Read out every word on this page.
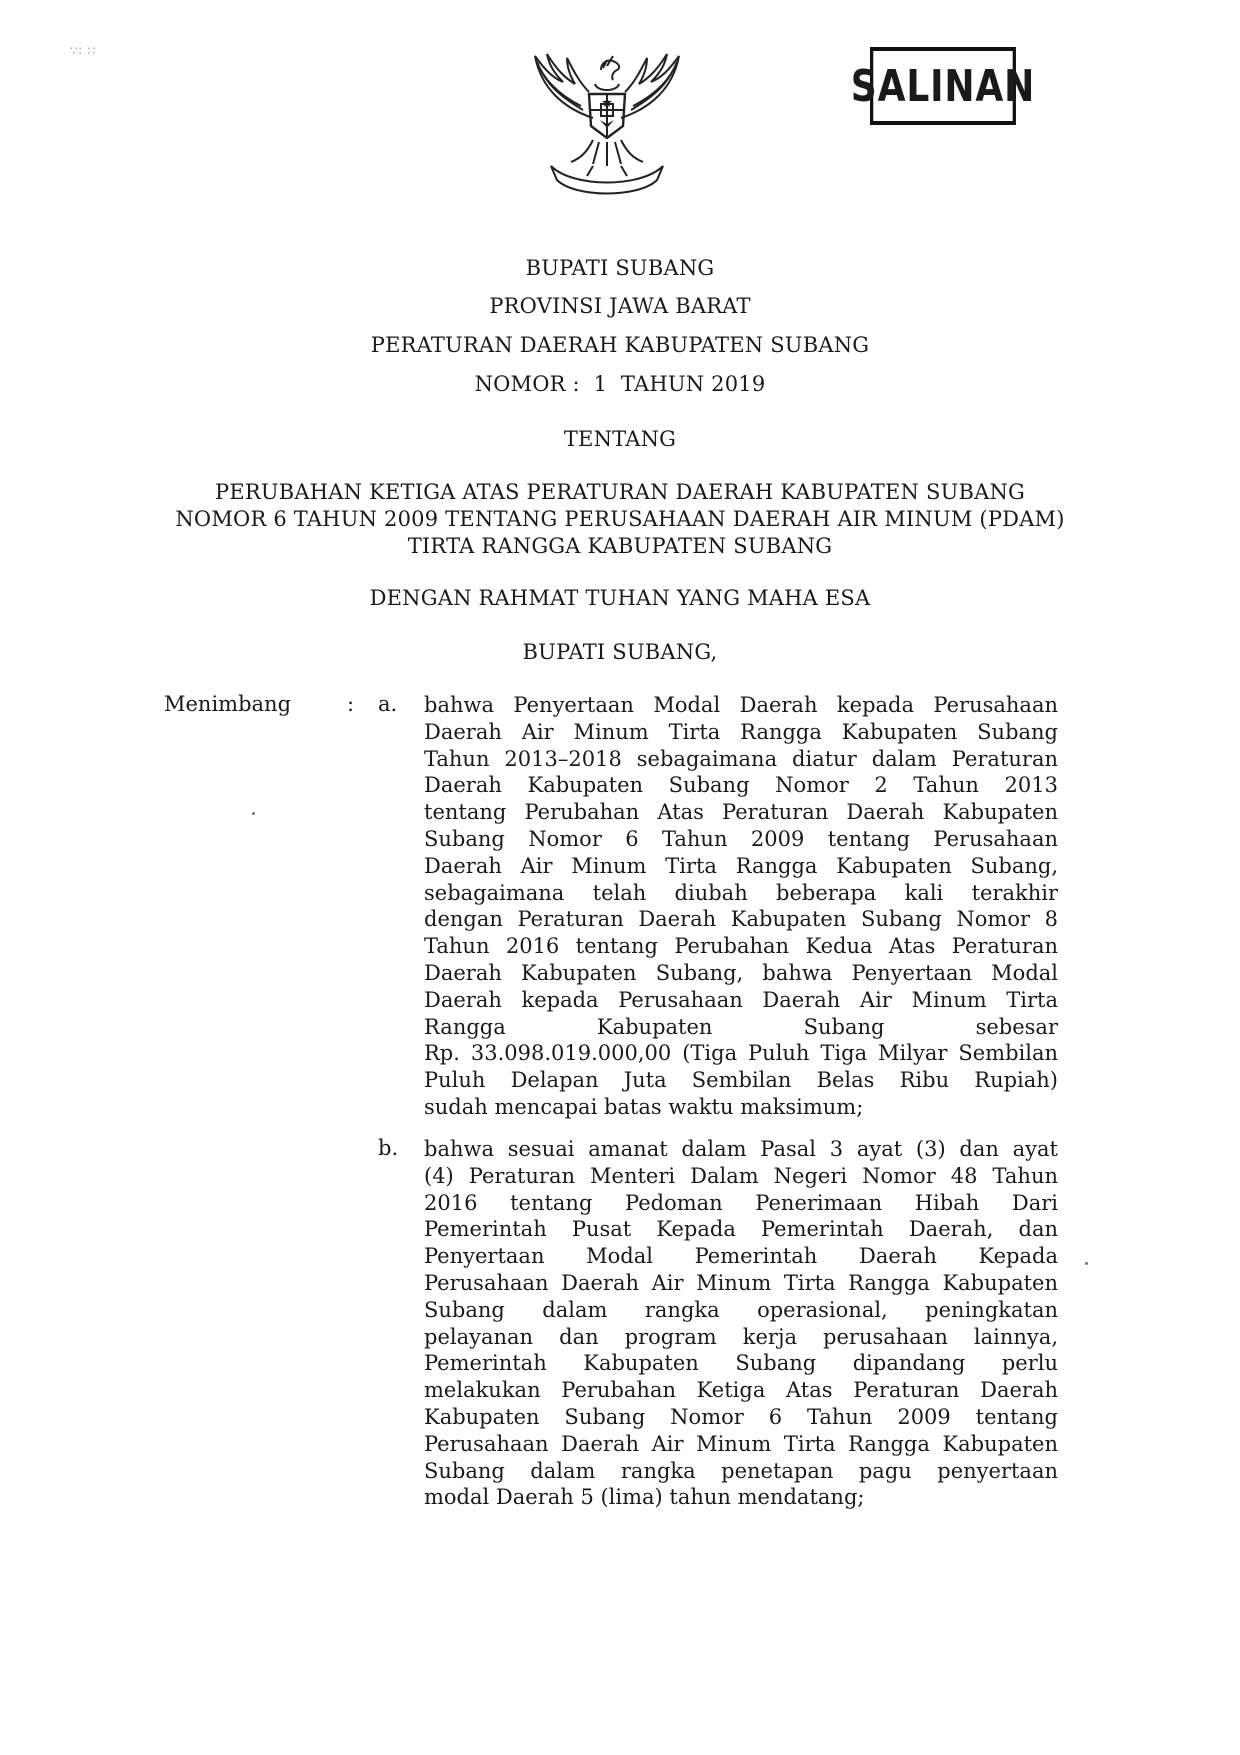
∵∶ ∷
SALINAN
BUPATI SUBANG
PROVINSI JAWA BARAT
PERATURAN DAERAH KABUPATEN SUBANG
NOMOR :  1  TAHUN 2019
TENTANG
PERUBAHAN KETIGA ATAS PERATURAN DAERAH KABUPATEN SUBANG
NOMOR 6 TAHUN 2009 TENTANG PERUSAHAAN DAERAH AIR MINUM (PDAM)
TIRTA RANGGA KABUPATEN SUBANG
DENGAN RAHMAT TUHAN YANG MAHA ESA
BUPATI SUBANG,
Menimbang	: a. bahwa Penyertaan Modal Daerah kepada Perusahaan
Daerah Air Minum Tirta Rangga Kabupaten Subang
Tahun 2013–2018 sebagaimana diatur dalam Peraturan
Daerah Kabupaten Subang Nomor 2 Tahun 2013
tentang Perubahan Atas Peraturan Daerah Kabupaten
Subang Nomor 6 Tahun 2009 tentang Perusahaan
Daerah Air Minum Tirta Rangga Kabupaten Subang,
sebagaimana telah diubah beberapa kali terakhir
dengan Peraturan Daerah Kabupaten Subang Nomor 8
Tahun 2016 tentang Perubahan Kedua Atas Peraturan
Daerah Kabupaten Subang, bahwa Penyertaan Modal
Daerah kepada Perusahaan Daerah Air Minum Tirta
Rangga Kabupaten Subang sebesar
Rp. 33.098.019.000,00 (Tiga Puluh Tiga Milyar Sembilan
Puluh Delapan Juta Sembilan Belas Ribu Rupiah)
sudah mencapai batas waktu maksimum;
b. bahwa sesuai amanat dalam Pasal 3 ayat (3) dan ayat
(4) Peraturan Menteri Dalam Negeri Nomor 48 Tahun
2016 tentang Pedoman Penerimaan Hibah Dari
Pemerintah Pusat Kepada Pemerintah Daerah, dan
Penyertaan Modal Pemerintah Daerah Kepada
Perusahaan Daerah Air Minum Tirta Rangga Kabupaten
Subang dalam rangka operasional, peningkatan
pelayanan dan program kerja perusahaan lainnya,
Pemerintah Kabupaten Subang dipandang perlu
melakukan Perubahan Ketiga Atas Peraturan Daerah
Kabupaten Subang Nomor 6 Tahun 2009 tentang
Perusahaan Daerah Air Minum Tirta Rangga Kabupaten
Subang dalam rangka penetapan pagu penyertaan
modal Daerah 5 (lima) tahun mendatang;
